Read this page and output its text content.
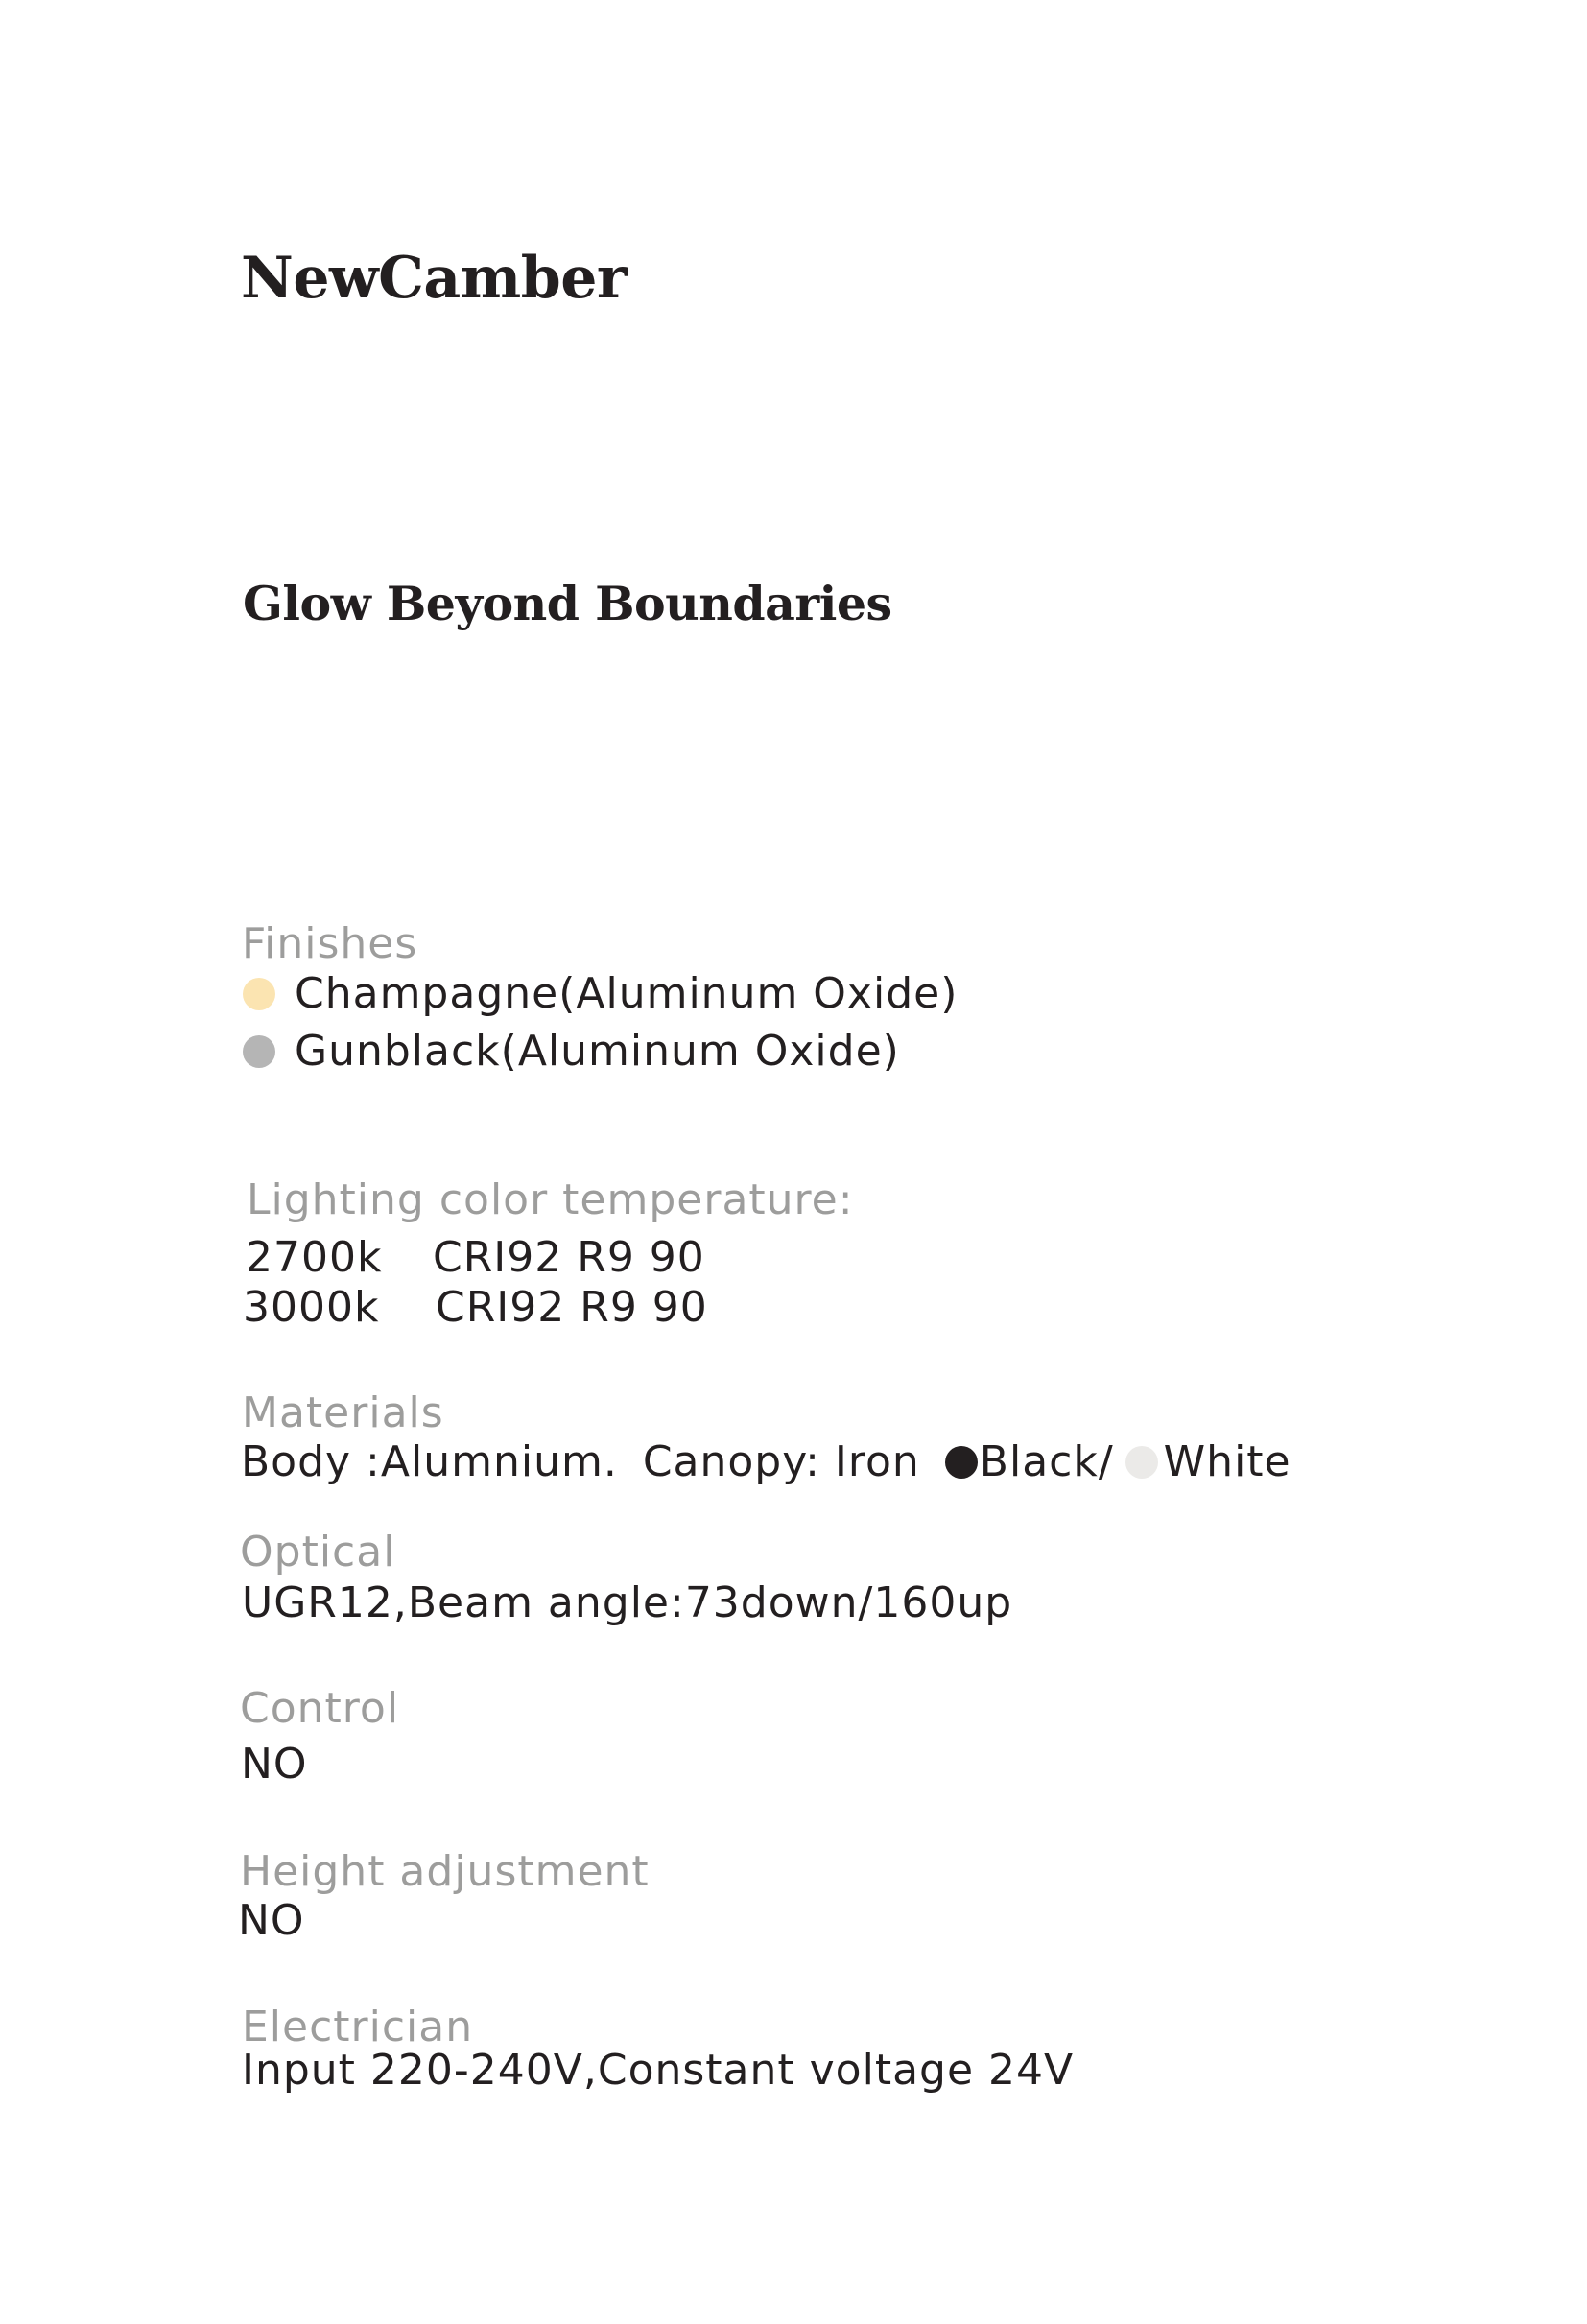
NewCamber
Glow Beyond Boundaries
Finishes
Champagne(Aluminum Oxide)
Gunblack(Aluminum Oxide)
Lighting color temperature:
2700k CRI92 R9 90
3000k CRI92 R9 90
Materials
Body :Alumnium. Canopy: Iron Black/ White
Optical
UGR12,Beam angle:73down/160up
Control
NO
Height adjustment
NO
Electrician
Input 220-240V,Constant voltage 24V
